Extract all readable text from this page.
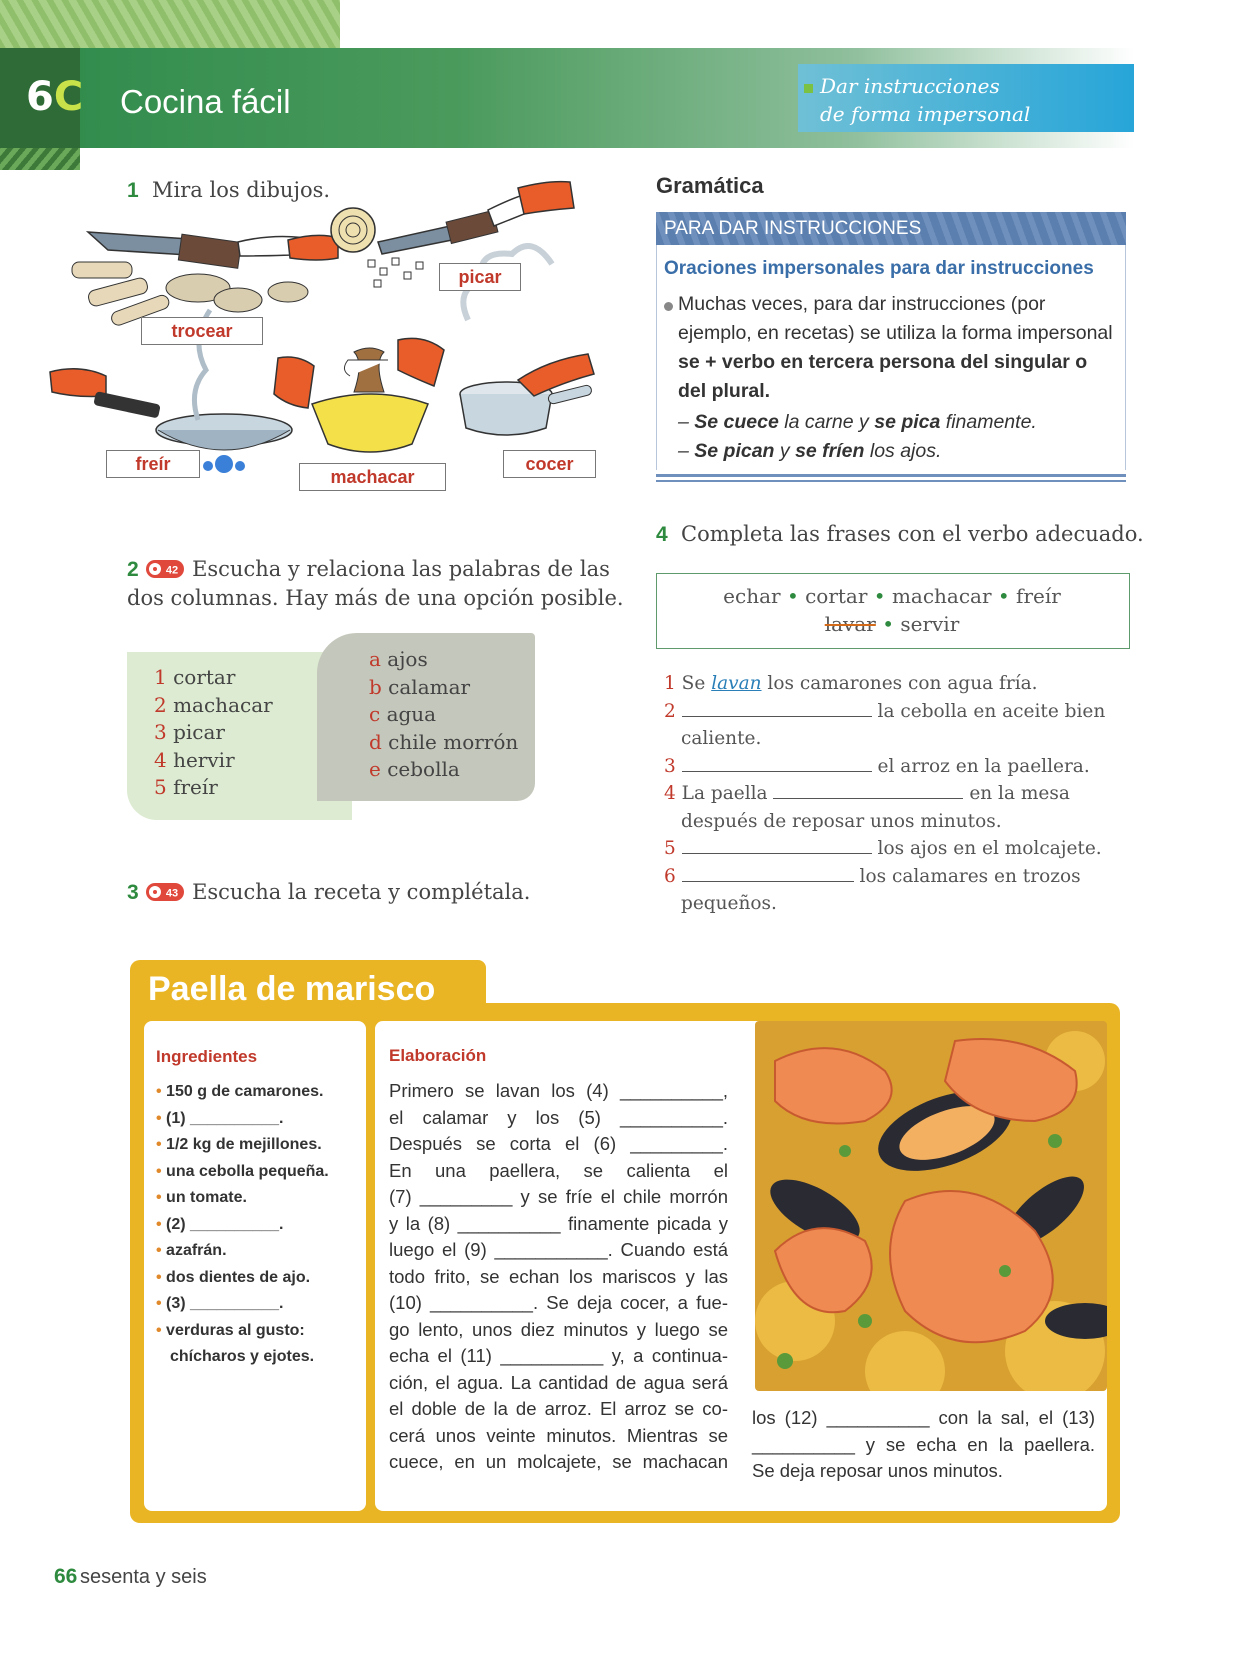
6C Cocina fácil	Dar instrucciones
de forma impersonal
1 Mira los dibujos.
trocear
picar
freír
machacar
cocer
2	42 Escucha y relaciona las palabras de las
dos columnas. Hay más de una opción posible.
1 cortar
2 machacar
3 picar
4 hervir
5 freír
a ajos
b calamar
c agua
d chile morrón
e cebolla
3	43 Escucha la receta y complétala.
Gramática
PARA DAR INSTRUCCIONES
Oraciones impersonales para dar instrucciones
Muchas veces, para dar instrucciones (por ejemplo, en recetas) se utiliza la forma impersonal se + verbo en tercera persona del singular o del plural.
– Se cuece la carne y se pica finamente.
– Se pican y se fríen los ajos.
4 Completa las frases con el verbo adecuado.
echar • cortar • machacar • freír
lavar • servir
1 Se lavan los camarones con agua fría.
2	la cebolla en aceite bien
caliente.
3	el arroz en la paellera.
4 La paella	en la mesa
después de reposar unos minutos.
5	los ajos en el molcajete.
6	los calamares en trozos
pequeños.
Paella de marisco
Ingredientes
• 150 g de camarones.
• (1) __________.
• 1/2 kg de mejillones.
• una cebolla pequeña.
• un tomate.
• (2) __________.
• azafrán.
• dos dientes de ajo.
• (3) __________.
• verduras al gusto:
chícharos y ejotes.
Elaboración
Primero se lavan los (4) __________,
el calamar y los (5) __________.
Después se corta el (6) _________.
En una paellera, se calienta el
(7) _________ y se fríe el chile morrón
y la (8) __________ finamente picada y
luego el (9) ___________. Cuando está
todo frito, se echan los mariscos y las
(10) __________. Se deja cocer, a fue-
go lento, unos diez minutos y luego se
echa el (11) __________ y, a continua-
ción, el agua. La cantidad de agua será
el doble de la de arroz. El arroz se co-
cerá unos veinte minutos. Mientras se
cuece, en un molcajete, se machacan
los (12) __________ con la sal, el (13)
__________ y se echa en la paellera.
Se deja reposar unos minutos.
66 sesenta y seis
